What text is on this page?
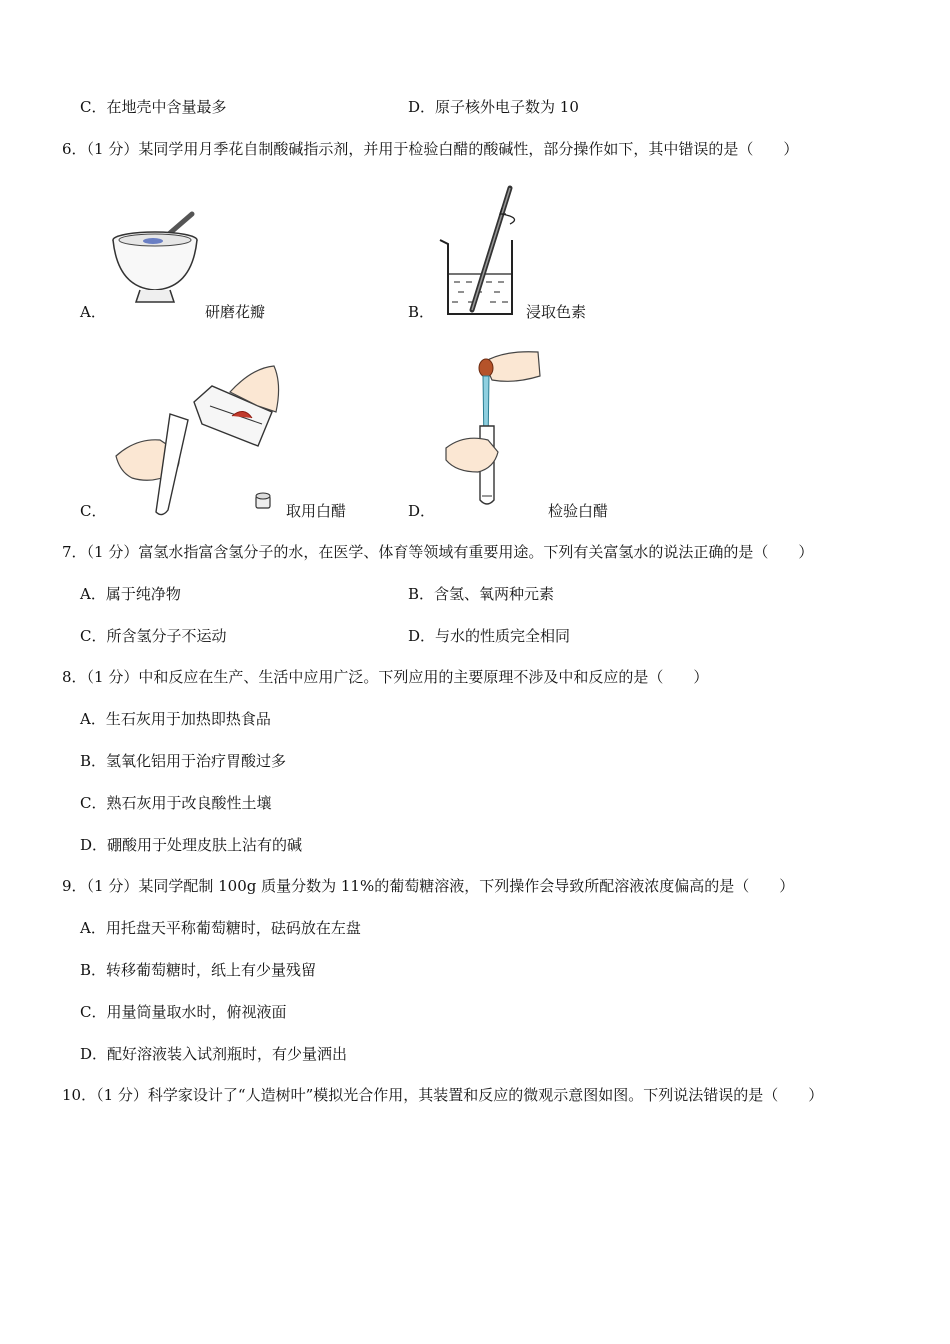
C．在地壳中含量最多	D．原子核外电子数为 10
6．（1 分）某同学用月季花自制酸碱指示剂，并用于检验白醋的酸碱性，部分操作如下，其中错误的是（　　）
A．	研磨花瓣	B．	浸取色素
C．	取用白醋	D．	检验白醋
7．（1 分）富氢水指富含氢分子的水，在医学、体育等领域有重要用途。下列有关富氢水的说法正确的是（　　）
A．属于纯净物	B．含氢、氧两种元素
C．所含氢分子不运动	D．与水的性质完全相同
8．（1 分）中和反应在生产、生活中应用广泛。下列应用的主要原理不涉及中和反应的是（　　）
A．生石灰用于加热即热食品
B．氢氧化铝用于治疗胃酸过多
C．熟石灰用于改良酸性土壤
D．硼酸用于处理皮肤上沾有的碱
9．（1 分）某同学配制 100g 质量分数为 11%的葡萄糖溶液，下列操作会导致所配溶液浓度偏高的是（　　）
A．用托盘天平称葡萄糖时，砝码放在左盘
B．转移葡萄糖时，纸上有少量残留
C．用量筒量取水时，俯视液面
D．配好溶液装入试剂瓶时，有少量洒出
10．（1 分）科学家设计了“人造树叶”模拟光合作用，其装置和反应的微观示意图如图。下列说法错误的是（　　）
